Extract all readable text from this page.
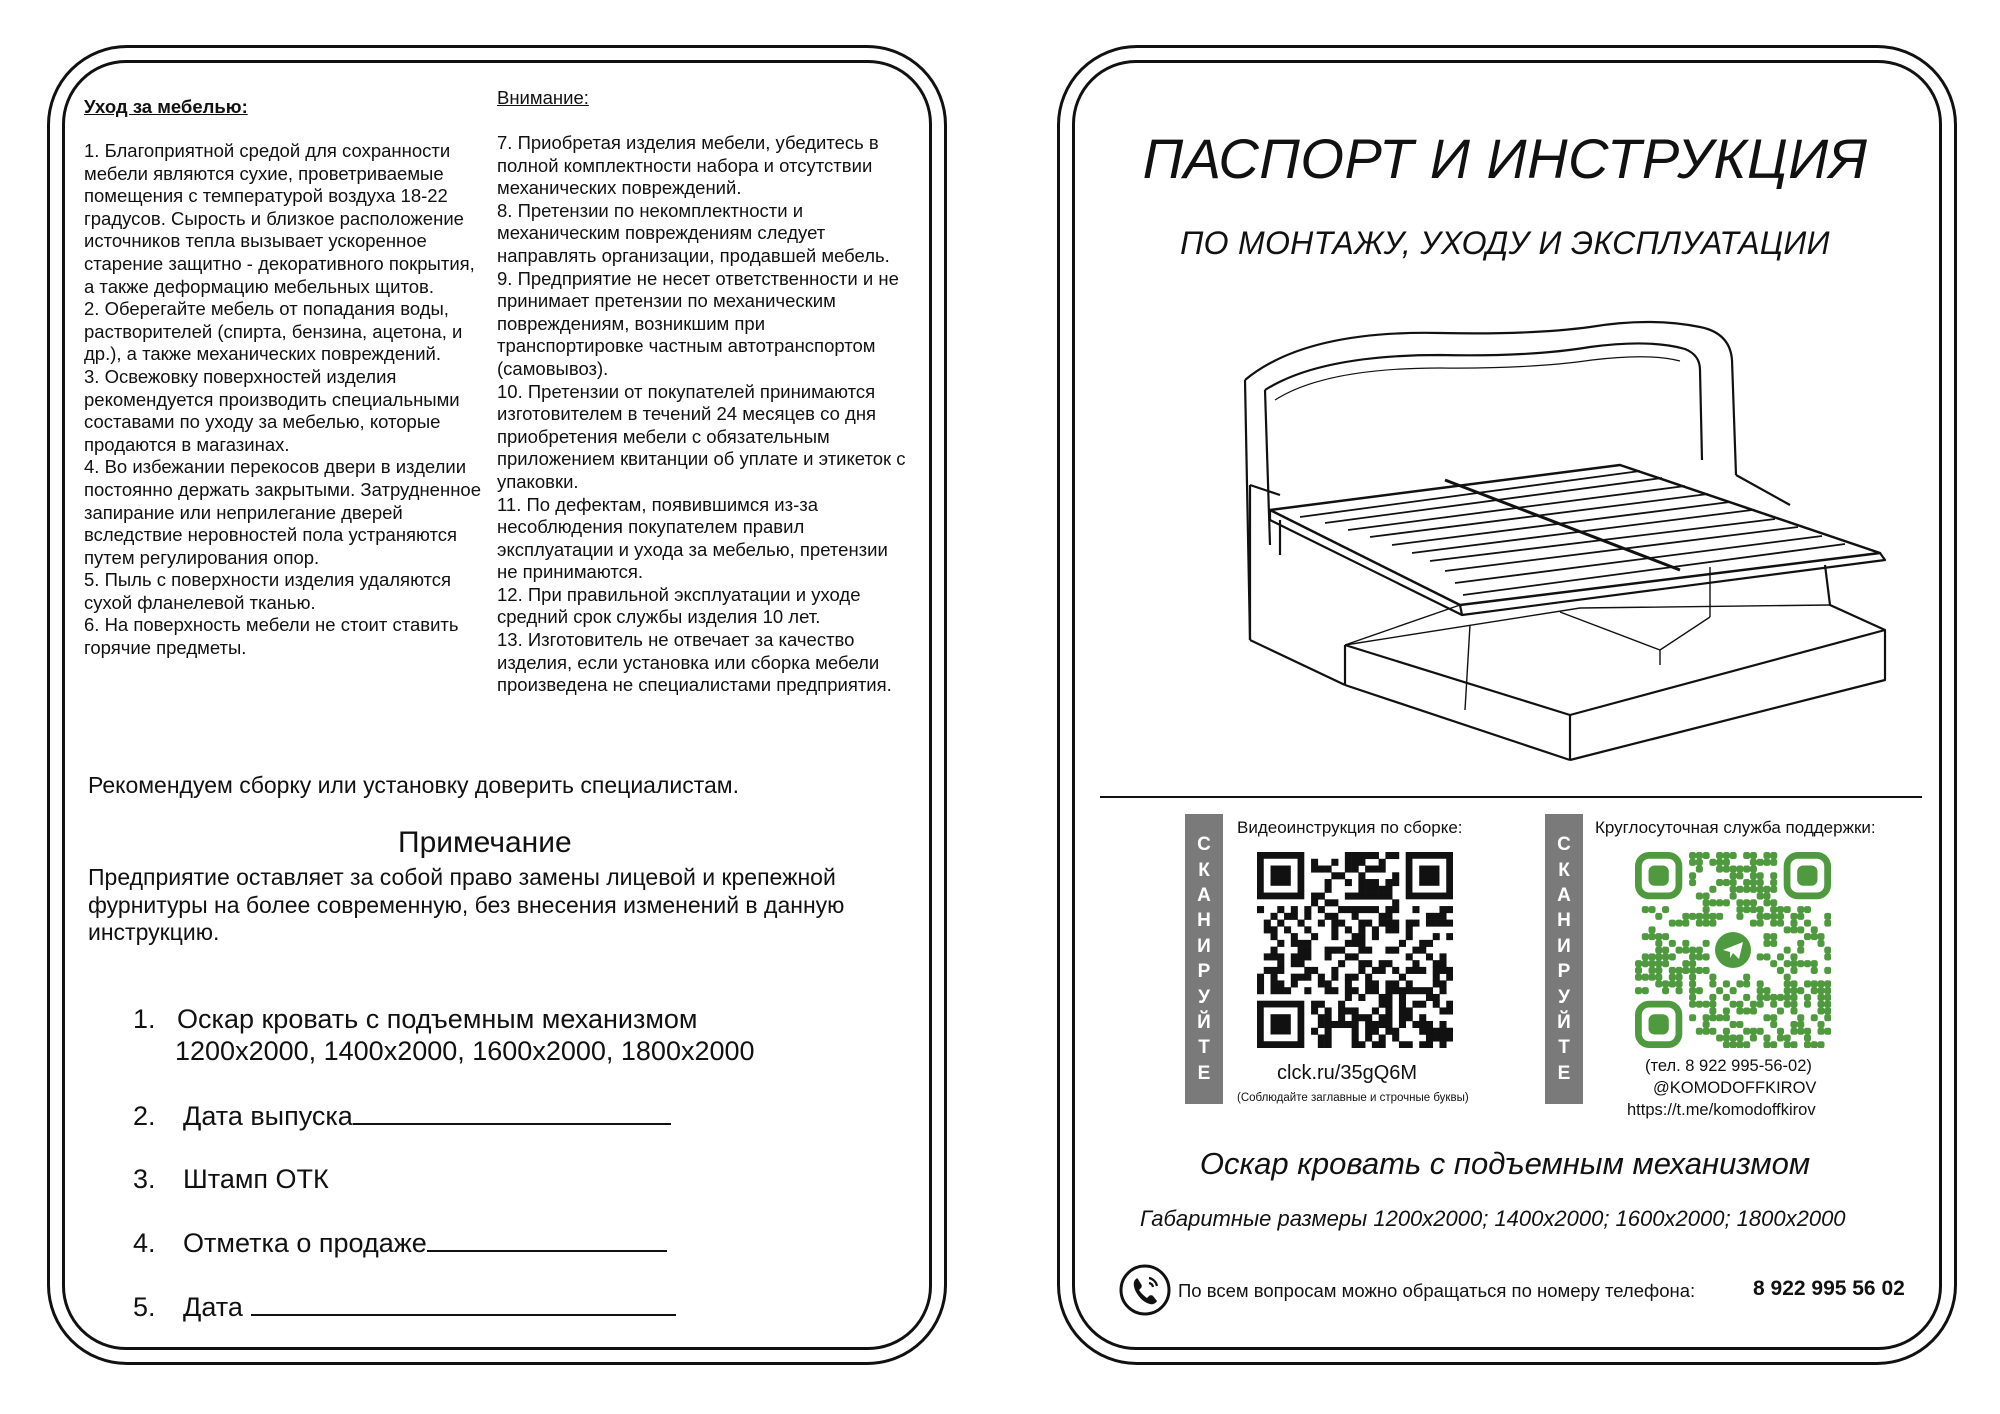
Уход за мебелью:
1. Благоприятной средой для сохранности мебели являются сухие, проветриваемые помещения с температурой воздуха 18-22 градусов. Сырость и близкое расположение источников тепла вызывает ускоренное старение защитно - декоративного покрытия, а также деформацию мебельных щитов.
2. Оберегайте мебель от попадания воды, растворителей (спирта, бензина, ацетона, и др.), а также механических повреждений.
3. Освежовку поверхностей изделия рекомендуется производить специальными составами по уходу за мебелью, которые продаются в магазинах.
4. Во избежании перекосов двери в изделии постоянно держать закрытыми. Затрудненное запирание или неприлегание дверей вследствие неровностей пола устраняются путем регулирования опор.
5. Пыль с поверхности изделия удаляются сухой фланелевой тканью.
6. На поверхность мебели не стоит ставить горячие предметы.
Внимание:
7. Приобретая изделия мебели, убедитесь в полной комплектности набора и отсутствии механических повреждений.
8. Претензии по некомплектности и механическим повреждениям следует направлять организации, продавшей мебель.
9. Предприятие не несет ответственности и не принимает претензии по механическим повреждениям, возникшим при транспортировке частным автотранспортом (самовывоз).
10. Претензии от покупателей принимаются изготовителем в течений 24 месяцев со дня приобретения мебели с обязательным приложением квитанции об уплате и этикеток с упаковки.
11. По дефектам, появившимся из-за несоблюдения покупателем правил эксплуатации и ухода за мебелью, претензии не принимаются.
12. При правильной эксплуатации и уходе средний срок службы изделия 10 лет.
13. Изготовитель не отвечает за качество изделия, если установка или сборка мебели произведена не специалистами предприятия.
Рекомендуем сборку или установку доверить специалистам.
Примечание
Предприятие оставляет за собой право замены лицевой и крепежной фурнитуры на более современную, без внесения изменений в данную инструкцию.
1. Оскар кровать с подъемным механизмом
1200х2000, 1400х2000, 1600х2000, 1800х2000
2. Дата выпуска
3. Штамп ОТК
4. Отметка о продаже
5. Дата
ПАСПОРТ И ИНСТРУКЦИЯ
ПО МОНТАЖУ, УХОДУ И ЭКСПЛУАТАЦИИ
С
К
А
Н
И
Р
У
Й
Т
Е
Видеоинструкция по сборке:
clck.ru/35gQ6M
(Соблюдайте заглавные и строчные буквы)
С
К
А
Н
И
Р
У
Й
Т
Е
Круглосуточная служба поддержки:
(тел. 8 922 995-56-02)
@KOMODOFFKIROV
https://t.me/komodoffkirov
Оскар кровать с подъемным механизмом
Габаритные размеры 1200х2000; 1400х2000; 1600х2000; 1800х2000
По всем вопросам можно обращаться по номеру телефона:	8 922 995 56 02
